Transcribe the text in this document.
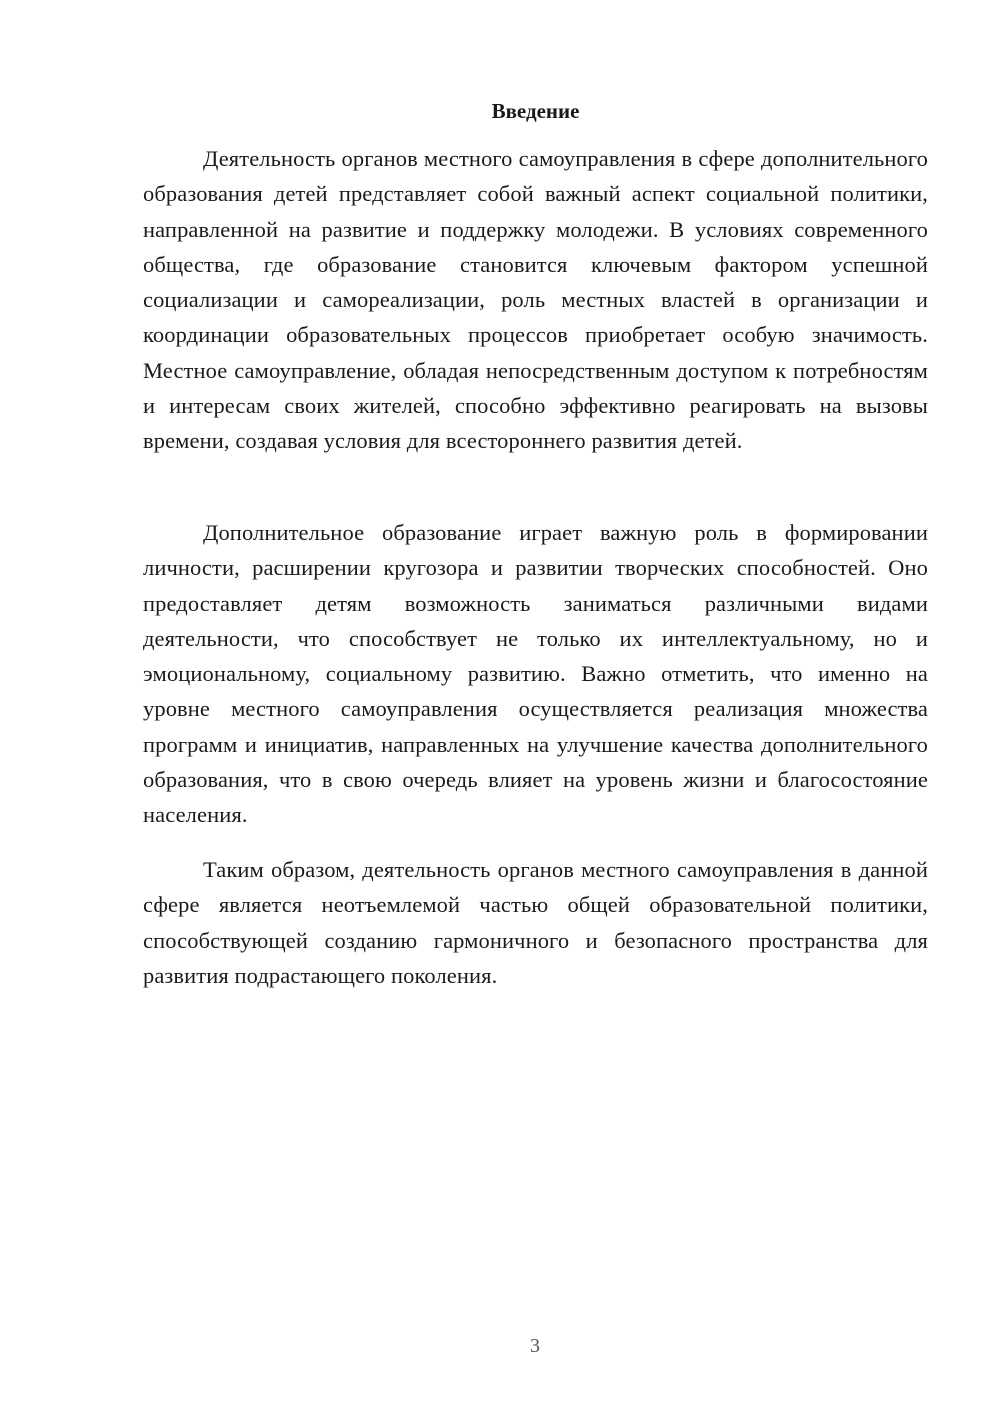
Введение

Деятельность органов местного самоуправления в сфере дополнительного образования детей представляет собой важный аспект социальной политики, направленной на развитие и поддержку молодежи. В условиях современного общества, где образование становится ключевым фактором успешной социализации и самореализации, роль местных властей в организации и координации образовательных процессов приобретает особую значимость. Местное самоуправление, обладая непосредственным доступом к потребностям и интересам своих жителей, способно эффективно реагировать на вызовы времени, создавая условия для всестороннего развития детей.

Дополнительное образование играет важную роль в формировании личности, расширении кругозора и развитии творческих способностей. Оно предоставляет детям возможность заниматься различными видами деятельности, что способствует не только их интеллектуальному, но и эмоциональному, социальному развитию. Важно отметить, что именно на уровне местного самоуправления осуществляется реализация множества программ и инициатив, направленных на улучшение качества дополнительного образования, что в свою очередь влияет на уровень жизни и благосостояние населения.

Таким образом, деятельность органов местного самоуправления в данной сфере является неотъемлемой частью общей образовательной политики, способствующей созданию гармоничного и безопасного пространства для развития подрастающего поколения.

3
